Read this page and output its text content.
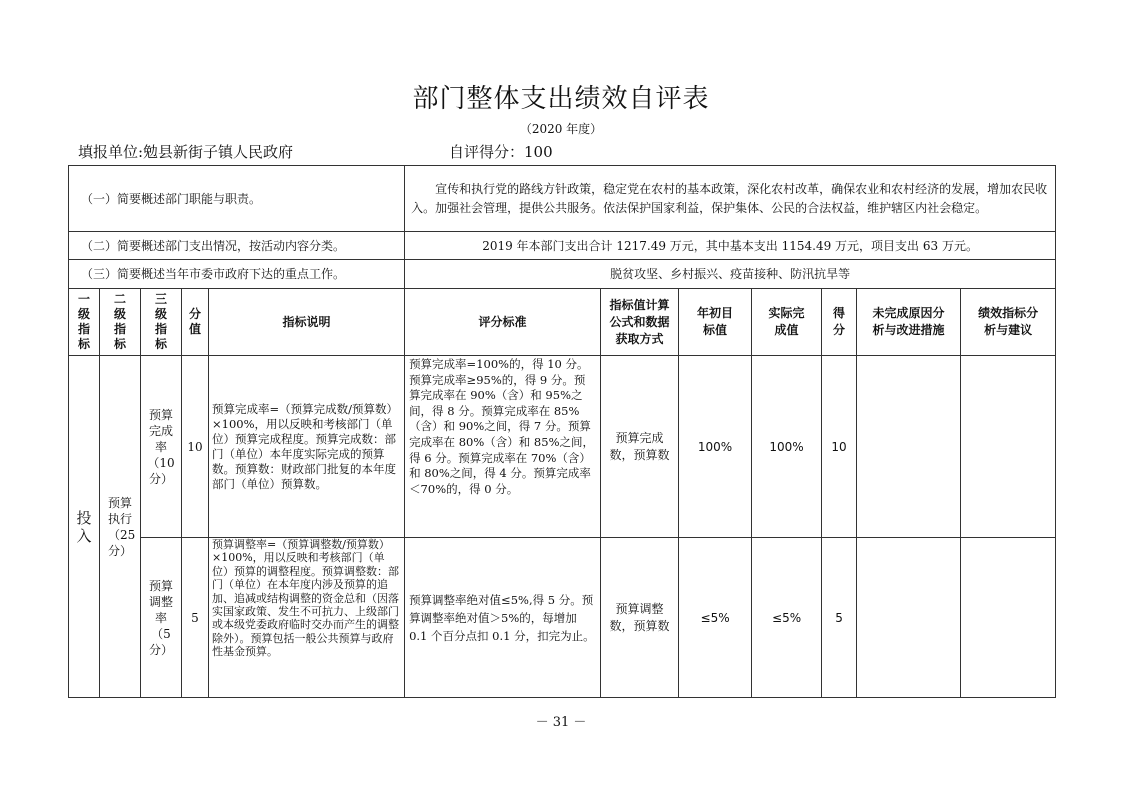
部门整体支出绩效自评表
（2020 年度）
填报单位:勉县新街子镇人民政府	自评得分：100
（一）简要概述部门职能与职责。					宣传和执行党的路线方针政策，稳定党在农村的基本政策，深化农村改革，确保农业和农村经济的发展，增加农民收入。加强社会管理，提供公共服务。依法保护国家利益，保护集体、公民的合法权益，维护辖区内社会稳定。						
（二）简要概述部门支出情况，按活动内容分类。					2019 年本部门支出合计 1217.49 万元，其中基本支出 1154.49 万元，项目支出 63 万元。						
（三）简要概述当年市委市政府下达的重点工作。					脱贫攻坚、乡村振兴、疫苗接种、防汛抗旱等						
一级指标	二级指标	三级指标	分值	指标说明	评分标准	指标值计算公式和数据获取方式	年初目标值	实际完成值	得分	未完成原因分析与改进措施	绩效指标分析与建议
投入	预算执行（25分）	预算完成率（10分）	10	预算完成率=（预算完成数/预算数）×100%，用以反映和考核部门（单位）预算完成程度。预算完成数：部门（单位）本年度实际完成的预算数。预算数：财政部门批复的本年度部门（单位）预算数。	预算完成率=100%的，得 10 分。预算完成率≥95%的，得 9 分。预算完成率在 90%（含）和 95%之间，得 8 分。预算完成率在 85%（含）和 90%之间，得 7 分。预算完成率在 80%（含）和 85%之间，得 6 分。预算完成率在 70%（含）和 80%之间，得 4 分。预算完成率＜70%的，得 0 分。	预算完成数，预算数	100%	100%	10		
		预算调整率（5分）	5	预算调整率=（预算调整数/预算数）×100%，用以反映和考核部门（单位）预算的调整程度。预算调整数：部门（单位）在本年度内涉及预算的追加、追减或结构调整的资金总和（因落实国家政策、发生不可抗力、上级部门或本级党委政府临时交办而产生的调整除外）。预算包括一般公共预算与政府性基金预算。	预算调整率绝对值≤5%,得 5 分。预算调整率绝对值＞5%的，每增加 0.1 个百分点扣 0.1 分，扣完为止。	预算调整数，预算数	≤5%	≤5%	5		
－ 31 －
